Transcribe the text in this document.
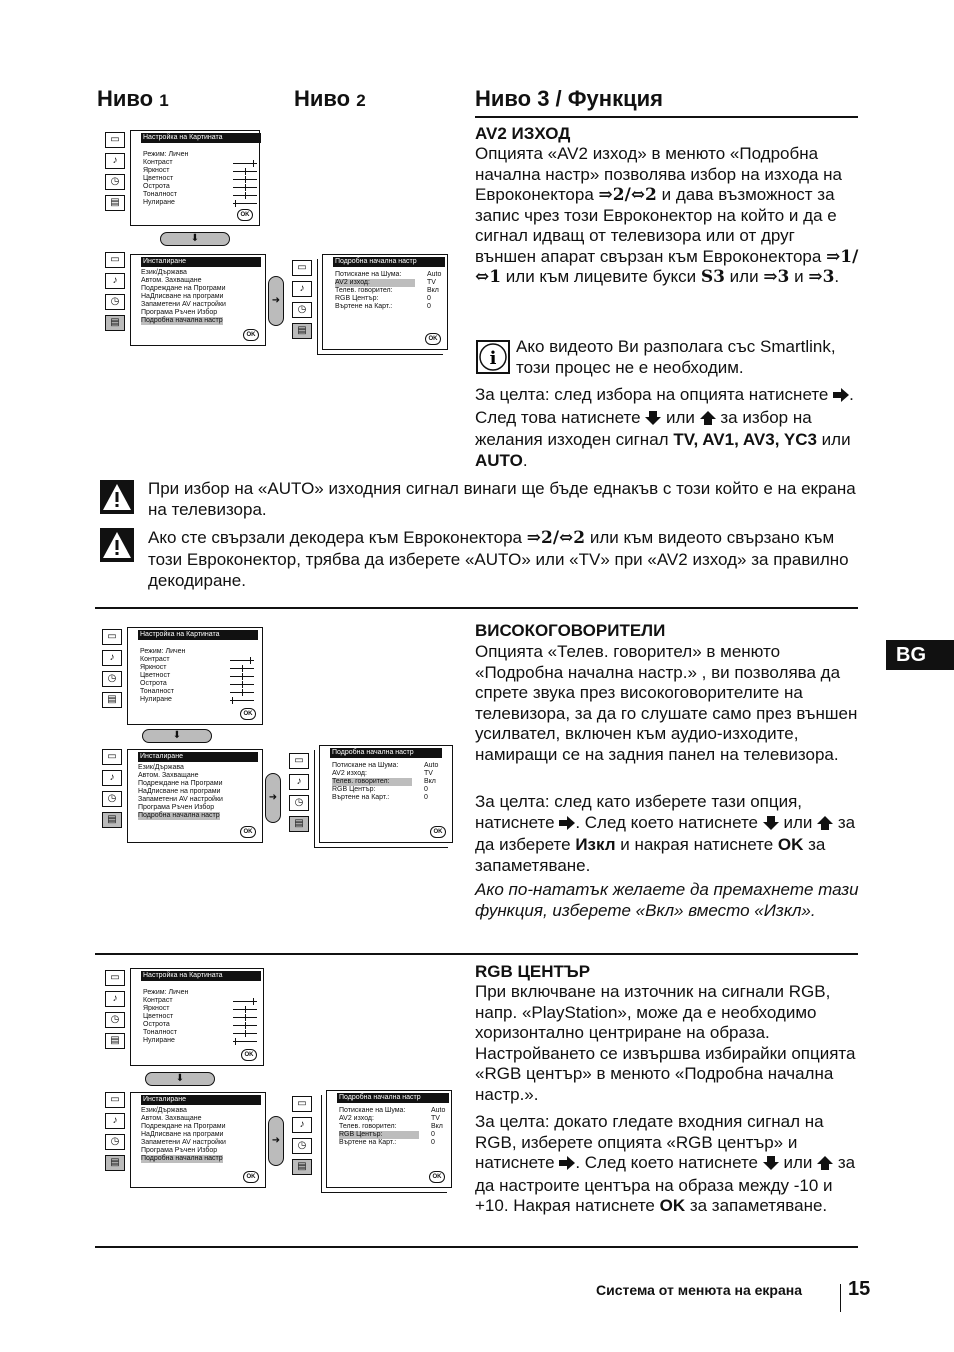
Ниво 1	Ниво 2	Ниво 3 / Функция
▭
♪
◷
▤
Настройка на Картината
Режим: Личен
Контраст
Яркност
Цветност
Острота
Тоналност
Нулиране
OK
⬇
▭
♪
◷
▤
Инсталиране
Език/Държава
Автом. Захващане
Подреждане на Програми
НаДписване на програми
Запаметени AV настройки
Програма Ръчен Избор
Подробна начална настр
OK
➜
▭
♪
◷
▤
Подробна начална настр
Потискане на Шума:	Auto
AV2 изход:	TV
Телев. говорител:	Вкл
RGB Център:	0
Въртене на Карт.:	0
OK
AV2 ИЗХОД
Опцията «AV2 изход» в менюто «Подробна начална настр» позволява избор на изхода на Евроконектора ⇒2/⇔2 и дава възможност за запис чрез този Евроконектор на който и да е сигнал идващ от телевизора или от друг външен апарат свързан към Евроконектора ⇒1/⇔1 или към лицевите букси S3 или ⇒3 и ⇒3.
i
Ако видеото Ви разполага със Smartlink, този процес не е необходим.
За целта: след избора на опцията натиснете . След това натиснете  или  за избор на желания изходен сигнал TV, AV1, AV3, YC3 или AUTO.
При избор на «AUTO» изходния сигнал винаги ще бъде еднакъв с този който е на екрана на телевизора.
Ако сте свързали декодера към Евроконектора ⇒2/⇔2 или към видеото свързано към този Евроконектор, трябва да изберете «AUTO» или «TV» при «AV2 изход» за правилно декодиране.
▭
♪
◷
▤
Настройка на Картината
Режим: Личен
Контраст
Яркност
Цветност
Острота
Тоналност
Нулиране
OK
⬇
▭
♪
◷
▤
Инсталиране
Език/Държава
Автом. Захващане
Подреждане на Програми
НаДписване на програми
Запаметени AV настройки
Програма Ръчен Избор
Подробна начална настр
OK
➜
▭
♪
◷
▤
Подробна начална настр
Потискане на Шума:	Auto
AV2 изход:	TV
Телев. говорител:	Вкл
RGB Център:	0
Въртене на Карт.:	0
OK
ВИСОКОГОВОРИТЕЛИ
Опцията «Телев. говорител» в менюто «Подробна начална настр.» , ви позволява да спрете звука през високоговорителите на телевизора, за да го слушате само през външен усилвател, включен към аудио-изходите, намиращи се на задния панел на телевизора.
За целта: след като изберете тази опция, натиснете . След което натиснете  или  за да изберете Изкл и накрая натиснете OK за запаметяване.
Ако по-нататък желаете да премахнете тази функция, изберете «Вкл» вместо «Изкл».
▭
♪
◷
▤
Настройка на Картината
Режим: Личен
Контраст
Яркност
Цветност
Острота
Тоналност
Нулиране
OK
⬇
▭
♪
◷
▤
Инсталиране
Език/Държава
Автом. Захващане
Подреждане на Програми
НаДписване на програми
Запаметени AV настройки
Програма Ръчен Избор
Подробна начална настр
OK
➜
▭
♪
◷
▤
Подробна начална настр
Потискане на Шума:	Auto
AV2 изход:	TV
Телев. говорител:	Вкл
RGB Център:	0
Въртене на Карт.:	0
OK
RGB ЦЕНТЪР
При включване на източник на сигнали RGB, напр. «PlayStation», може да е необходимо хоризонтално центриране на образа. Настройването се извършва избирайки опцията «RGB център» в менюто «Подробна начална настр.».
За целта: докато гледате входния сигнал на RGB, изберете опцията «RGB център» и натиснете . След което натиснете  или  за да настроите центъра на образа между -10 и +10. Накрая натиснете OK за запаметяване.
BG
Система от менюта на екрана 15
